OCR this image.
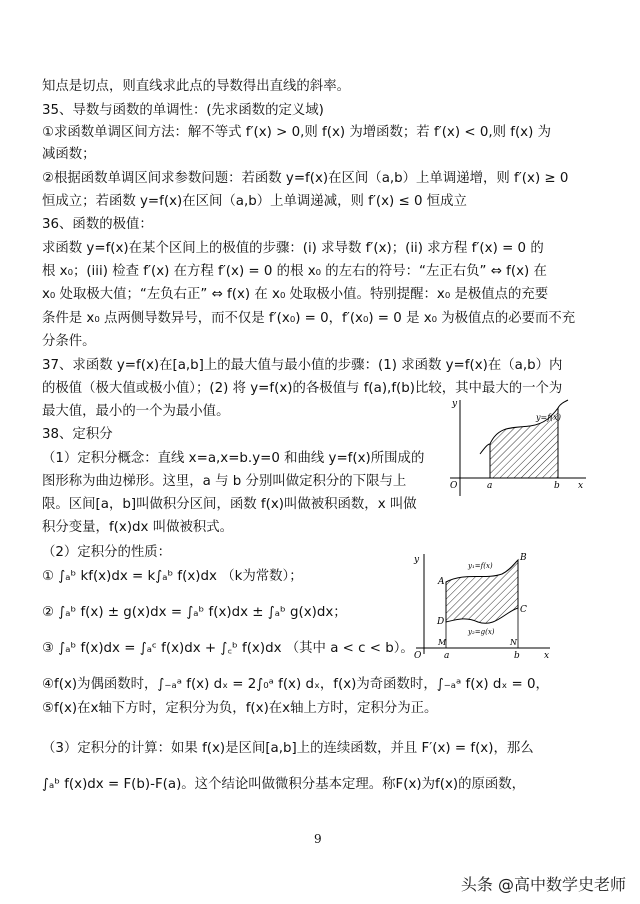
知点是切点，则直线求此点的导数得出直线的斜率。
35、导数与函数的单调性：(先求函数的定义域)
①求函数单调区间方法：解不等式 f′(x) > 0,则 f(x) 为增函数；若 f′(x) < 0,则 f(x) 为
减函数；
②根据函数单调区间求参数问题：若函数 y=f(x)在区间（a,b）上单调递增，则 f′(x) ≥ 0
恒成立；若函数 y=f(x)在区间（a,b）上单调递减，则 f′(x) ≤ 0 恒成立
36、函数的极值：
求函数 y=f(x)在某个区间上的极值的步骤：(i) 求导数 f′(x)；(ii) 求方程 f′(x) = 0 的
根 x₀；(iii) 检查 f′(x) 在方程 f′(x) = 0 的根 x₀ 的左右的符号：“左正右负” ⇔ f(x) 在
x₀ 处取极大值；“左负右正” ⇔ f(x) 在 x₀ 处取极小值。特别提醒：x₀ 是极值点的充要
条件是 x₀ 点两侧导数异号，而不仅是 f′(x₀) = 0，f′(x₀) = 0 是 x₀ 为极值点的必要而不充
分条件。
37、求函数 y=f(x)在[a,b]上的最大值与最小值的步骤：(1) 求函数 y=f(x)在（a,b）内
的极值（极大值或极小值）；(2) 将 y=f(x)的各极值与 f(a),f(b)比较，其中最大的一个为
最大值，最小的一个为最小值。
38、定积分
（1）定积分概念：直线 x=a,x=b.y=0 和曲线 y=f(x)所围成的
图形称为曲边梯形。这里，a 与 b 分别叫做定积分的下限与上
限。区间[a，b]叫做积分区间，函数 f(x)叫做被积函数，x 叫做
积分变量，f(x)dx 叫做被积式。
（2）定积分的性质：
① ∫ₐᵇ kf(x)dx = k∫ₐᵇ f(x)dx （k为常数）；
② ∫ₐᵇ f(x) ± g(x)dx = ∫ₐᵇ f(x)dx ± ∫ₐᵇ g(x)dx；
③ ∫ₐᵇ f(x)dx = ∫ₐᶜ f(x)dx + ∫꜀ᵇ f(x)dx （其中 a < c < b）。
④f(x)为偶函数时，∫₋ₐᵃ f(x) dₓ = 2∫₀ᵃ f(x) dₓ，f(x)为奇函数时，∫₋ₐᵃ f(x) dₓ = 0，
⑤f(x)在x轴下方时，定积分为负，f(x)在x轴上方时，定积分为正。
（3）定积分的计算：如果 f(x)是区间[a,b]上的连续函数，并且 F′(x) = f(x)，那么
∫ₐᵇ f(x)dx = F(b)-F(a)。这个结论叫做微积分基本定理。称F(x)为f(x)的原函数，
y
y=f(x)
O	a	b x
y
y₁=f(x)
y₂=g(x)
A
B
C
D
M	N
O	a	b	x
9
头条 @高中数学史老师
